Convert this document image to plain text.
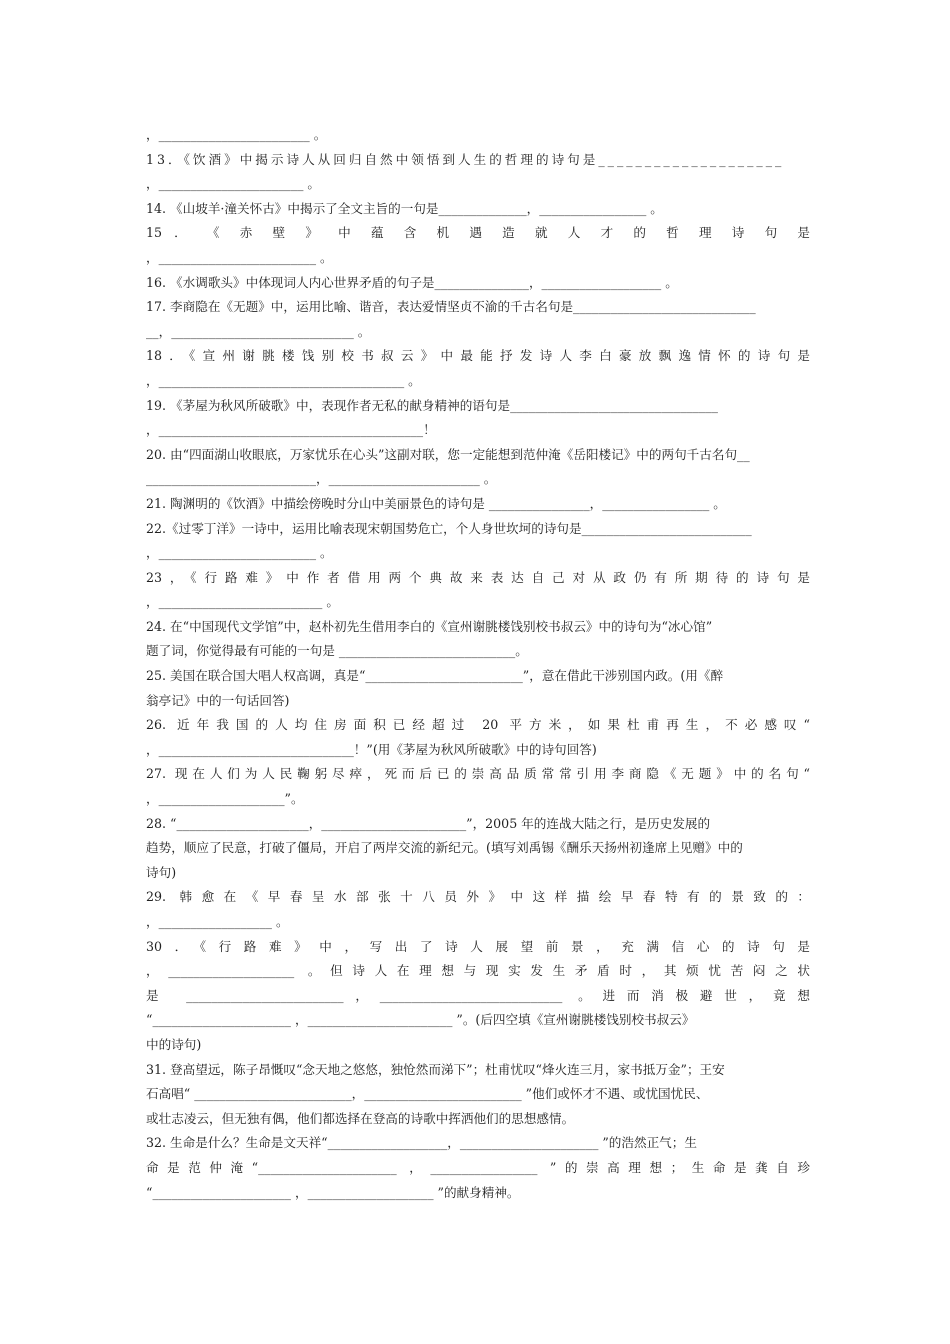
，________________________ 。
13．《饮酒》中揭示诗人从回归自然中领悟到人生的哲理的诗句是____________________
，_______________________ 。
14. 《山坡羊·潼关怀古》中揭示了全文主旨的一句是______________，_________________ 。
15 ． 《 赤 壁 》 中 蕴 含 机 遇 造 就 人 才 的 哲 理 诗 句 是
，_________________________ 。
16. 《水调歌头》中体现词人内心世界矛盾的句子是_______________，___________________ 。
17. 李商隐在《无题》中，运用比喻、谐音，表达爱情坚贞不渝的千古名句是_____________________________
__，_____________________________ 。
18．《宣州谢朓楼饯别校书叔云》中最能抒发诗人李白豪放飘逸情怀的诗句是
，_______________________________________ 。
19. 《茅屋为秋风所破歌》中，表现作者无私的献身精神的语句是_________________________________
，__________________________________________！
20. 由“四面湖山收眼底，万家忧乐在心头”这副对联，您一定能想到范仲淹《岳阳楼记》中的两句千古名句__
___________________________，________________________ 。
21. 陶渊明的《饮酒》中描绘傍晚时分山中美丽景色的诗句是 ________________，_________________ 。
22.《过零丁洋》一诗中，运用比喻表现宋朝国势危亡，个人身世坎坷的诗句是___________________________
，_________________________ 。
23，《行路难》中作者借用两个典故来表达自己对从政仍有所期待的诗句是
，__________________________ 。
24. 在“中国现代文学馆”中，赵朴初先生借用李白的《宣州谢朓楼饯别校书叔云》中的诗句为“冰心馆”
题了词，你觉得最有可能的一句是 ____________________________。
25. 美国在联合国大唱人权高调，真是“_________________________”，意在借此干涉别国内政。(用《醉
翁亭记》中的一句话回答)
26. 近年我国的人均住房面积已经超过 20 平方米，如果杜甫再生，不必感叹“
，_______________________________！”(用《茅屋为秋风所破歌》中的诗句回答)
27. 现在人们为人民鞠躬尽瘁，死而后已的崇高品质常常引用李商隐《无题》中的名句“
，____________________”。
28. “_____________________，_______________________”，2005 年的连战大陆之行，是历史发展的
趋势，顺应了民意，打破了僵局，开启了两岸交流的新纪元。(填写刘禹锡《酬乐天扬州初逢席上见赠》中的
诗句)
29. 韩愈在《早春呈水部张十八员外》中这样描绘早春特有的景致的：
，__________________ 。
30．《行路难》中，写出了诗人展望前景，充满信心的诗句是
，____________________ 。但诗人在理想与现实发生矛盾时，其烦忧苦闷之状
是 _________________________，_____________________________ 。进而消极避世，竟想
“______________________ ，_______________________ ”。(后四空填《宣州谢朓楼饯别校书叔云》
中的诗句)
31. 登高望远，陈子昂慨叹“念天地之悠悠，独怆然而涕下”；杜甫忧叹“烽火连三月，家书抵万金”；王安
石高唱“ _________________________，_________________________ ”他们或怀才不遇、或忧国忧民、
或壮志凌云，但无独有偶，他们都选择在登高的诗歌中挥洒他们的思想感情。
32. 生命是什么？生命是文天祥“___________________，______________________ ”的浩然正气；生
命是范仲淹“______________________ ，_________________ ”的崇高理想；生命是龚自珍
“______________________ ，____________________ ”的献身精神。
